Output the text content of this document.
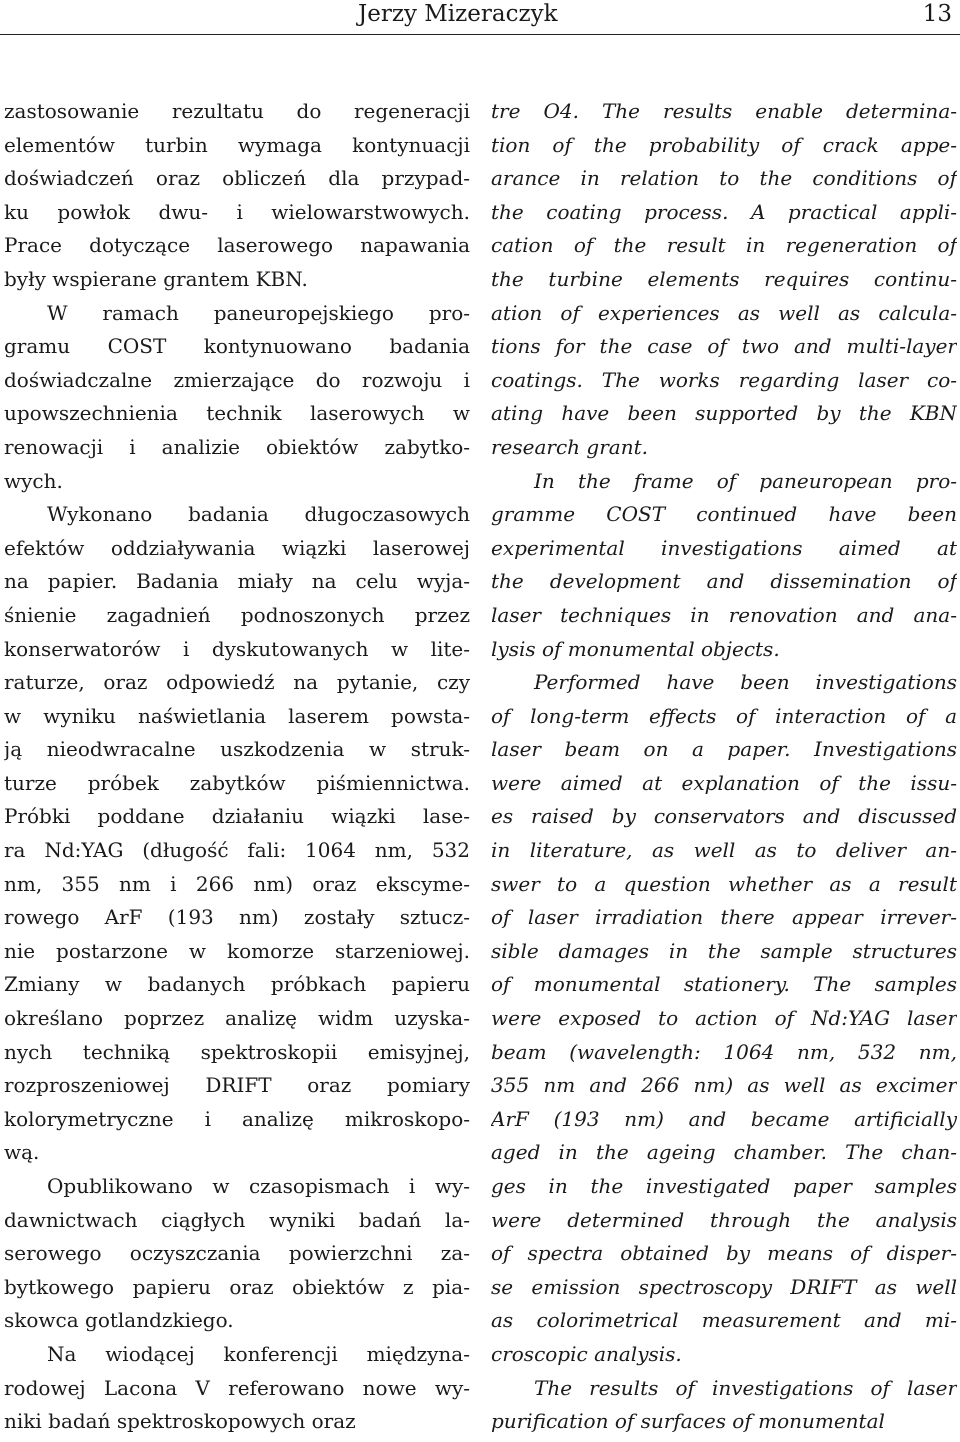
Jerzy Mizeraczyk	13
zastosowanie rezultatu do regeneracji
elementów turbin wymaga kontynuacji
doświadczeń oraz obliczeń dla przypad-
ku powłok dwu- i wielowarstwowych.
Prace dotyczące laserowego napawania
były wspierane grantem KBN.
W ramach paneuropejskiego pro-
gramu COST kontynuowano badania
doświadczalne zmierzające do rozwoju i
upowszechnienia technik laserowych w
renowacji i analizie obiektów zabytko-
wych.
Wykonano badania długoczasowych
efektów oddziaływania wiązki laserowej
na papier. Badania miały na celu wyja-
śnienie zagadnień podnoszonych przez
konserwatorów i dyskutowanych w lite-
raturze, oraz odpowiedź na pytanie, czy
w wyniku naświetlania laserem powsta-
ją nieodwracalne uszkodzenia w struk-
turze próbek zabytków piśmiennictwa.
Próbki poddane działaniu wiązki lase-
ra Nd:YAG (długość fali: 1064 nm, 532
nm, 355 nm i 266 nm) oraz ekscyme-
rowego ArF (193 nm) zostały sztucz-
nie postarzone w komorze starzeniowej.
Zmiany w badanych próbkach papieru
określano poprzez analizę widm uzyska-
nych techniką spektroskopii emisyjnej,
rozproszeniowej DRIFT oraz pomiary
kolorymetryczne i analizę mikroskopo-
wą.
Opublikowano w czasopismach i wy-
dawnictwach ciągłych wyniki badań la-
serowego oczyszczania powierzchni za-
bytkowego papieru oraz obiektów z pia-
skowca gotlandzkiego.
Na wiodącej konferencji międzyna-
rodowej Lacona V referowano nowe wy-
niki badań spektroskopowych oraz
tre O4. The results enable determina-
tion of the probability of crack appe-
arance in relation to the conditions of
the coating process. A practical appli-
cation of the result in regeneration of
the turbine elements requires continu-
ation of experiences as well as calcula-
tions for the case of two and multi-layer
coatings. The works regarding laser co-
ating have been supported by the KBN
research grant.
In the frame of paneuropean pro-
gramme COST continued have been
experimental investigations aimed at
the development and dissemination of
laser techniques in renovation and ana-
lysis of monumental objects.
Performed have been investigations
of long-term effects of interaction of a
laser beam on a paper. Investigations
were aimed at explanation of the issu-
es raised by conservators and discussed
in literature, as well as to deliver an-
swer to a question whether as a result
of laser irradiation there appear irrever-
sible damages in the sample structures
of monumental stationery. The samples
were exposed to action of Nd:YAG laser
beam (wavelength: 1064 nm, 532 nm,
355 nm and 266 nm) as well as excimer
ArF (193 nm) and became artificially
aged in the ageing chamber. The chan-
ges in the investigated paper samples
were determined through the analysis
of spectra obtained by means of disper-
se emission spectroscopy DRIFT as well
as colorimetrical measurement and mi-
croscopic analysis.
The results of investigations of laser
purification of surfaces of monumental
